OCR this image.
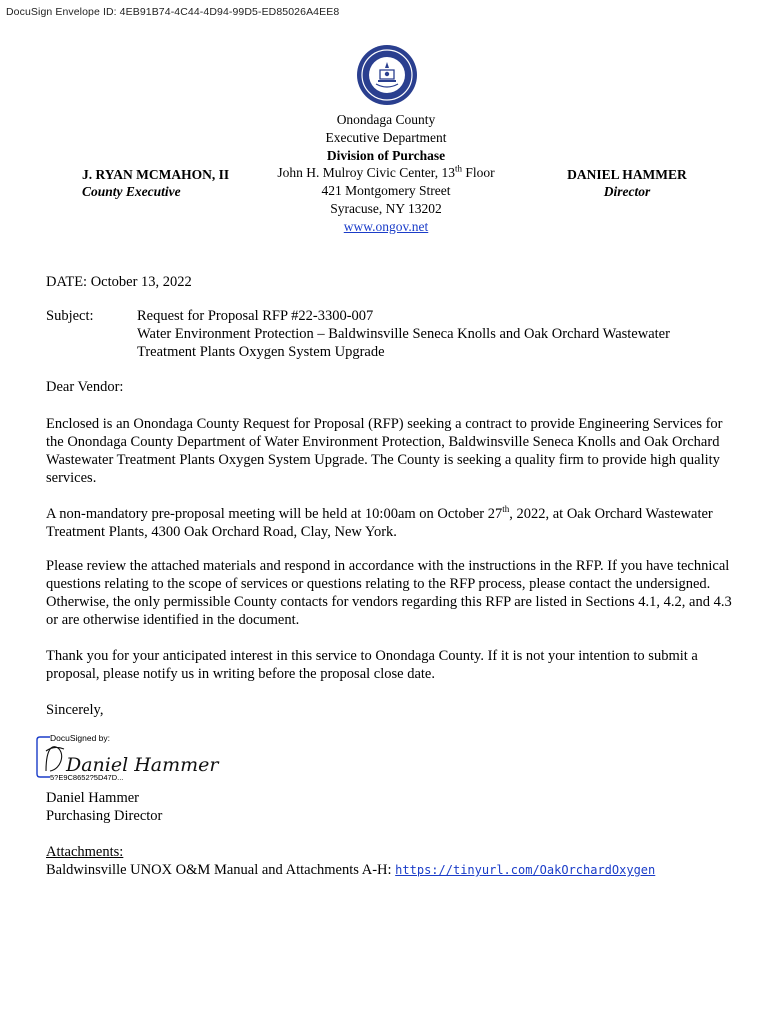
DocuSign Envelope ID: 4EB91B74-4C44-4D94-99D5-ED85026A4EE8
Onondaga County
Executive Department
Division of Purchase
John H. Mulroy Civic Center, 13th Floor
421 Montgomery Street
Syracuse, NY 13202
www.ongov.net
J. RYAN MCMAHON, II
County Executive
DANIEL HAMMER
Director
DATE: October 13, 2022
Subject:	Request for Proposal RFP #22-3300-007
Water Environment Protection – Baldwinsville Seneca Knolls and Oak Orchard Wastewater
Treatment Plants Oxygen System Upgrade
Dear Vendor:
Enclosed is an Onondaga County Request for Proposal (RFP) seeking a contract to provide Engineering Services for the Onondaga County Department of Water Environment Protection, Baldwinsville Seneca Knolls and Oak Orchard Wastewater Treatment Plants Oxygen System Upgrade. The County is seeking a quality firm to provide high quality services.
A non-mandatory pre-proposal meeting will be held at 10:00am on October 27th, 2022, at Oak Orchard Wastewater Treatment Plants, 4300 Oak Orchard Road, Clay, New York.
Please review the attached materials and respond in accordance with the instructions in the RFP. If you have technical questions relating to the scope of services or questions relating to the RFP process, please contact the undersigned. Otherwise, the only permissible County contacts for vendors regarding this RFP are listed in Sections 4.1, 4.2, and 4.3 or are otherwise identified in the document.
Thank you for your anticipated interest in this service to Onondaga County. If it is not your intention to submit a proposal, please notify us in writing before the proposal close date.
Sincerely,
DocuSigned by:
Daniel Hammer
5?E9C8652?5D47D...
Daniel Hammer
Purchasing Director
Attachments:
Baldwinsville UNOX O&M Manual and Attachments A-H: https://tinyurl.com/OakOrchardOxygen
